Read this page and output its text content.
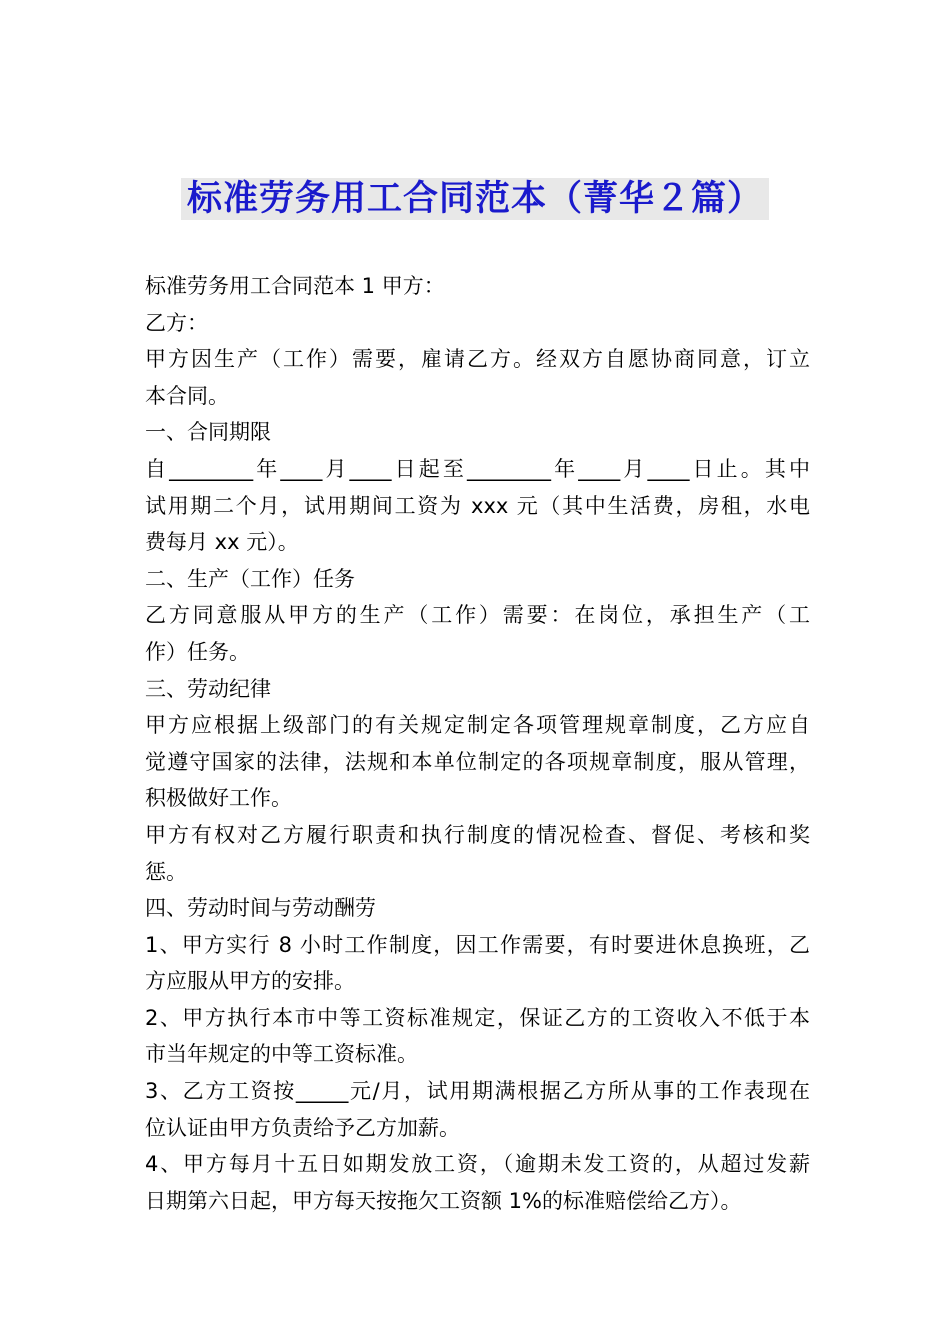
标准劳务用工合同范本（菁华２篇）
标准劳务用工合同范本 1 甲方：
乙方：
甲方因生产（工作）需要，雇请乙方。经双方自愿协商同意，订立
本合同。
一、合同期限
自________年____月____日起至________年____月____日止。其中
试用期二个月，试用期间工资为 xxx 元（其中生活费，房租，水电
费每月 xx 元）。
二、生产（工作）任务
乙方同意服从甲方的生产（工作）需要：在岗位，承担生产（工
作）任务。
三、劳动纪律
甲方应根据上级部门的有关规定制定各项管理规章制度，乙方应自
觉遵守国家的法律，法规和本单位制定的各项规章制度，服从管理，
积极做好工作。
甲方有权对乙方履行职责和执行制度的情况检查、督促、考核和奖
惩。
四、劳动时间与劳动酬劳
1、甲方实行 8 小时工作制度，因工作需要，有时要进休息换班，乙
方应服从甲方的安排。
2、甲方执行本市中等工资标准规定，保证乙方的工资收入不低于本
市当年规定的中等工资标准。
3、乙方工资按_____元/月，试用期满根据乙方所从事的工作表现在
位认证由甲方负责给予乙方加薪。
4、甲方每月十五日如期发放工资，（逾期未发工资的，从超过发薪
日期第六日起，甲方每天按拖欠工资额 1%的标准赔偿给乙方）。
